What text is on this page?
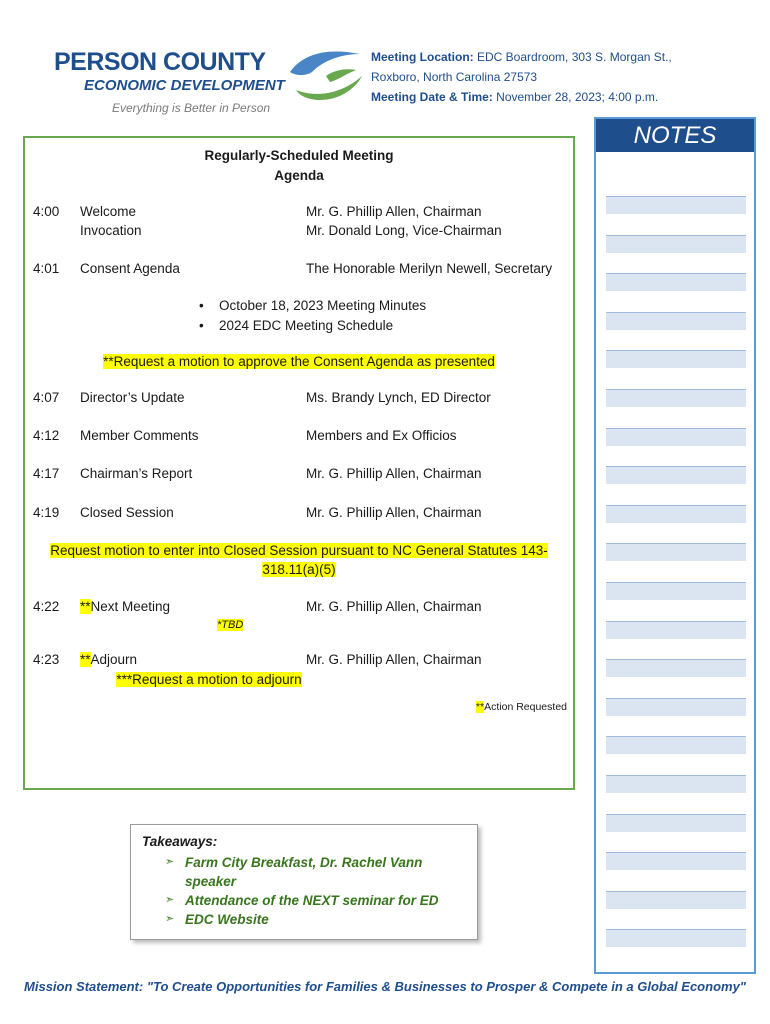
PERSON COUNTY
ECONOMIC DEVELOPMENT
Everything is Better in Person
Meeting Location: EDC Boardroom, 303 S. Morgan St.,
Roxboro, North Carolina 27573
Meeting Date & Time: November 28, 2023; 4:00 p.m.
Regularly-Scheduled Meeting
Agenda
4:00	Welcome	Mr. G. Phillip Allen, Chairman
Invocation	Mr. Donald Long, Vice-Chairman
4:01	Consent Agenda	The Honorable Merilyn Newell, Secretary
• October 18, 2023 Meeting Minutes
• 2024 EDC Meeting Schedule
**Request a motion to approve the Consent Agenda as presented
4:07	Director’s Update	Ms. Brandy Lynch, ED Director
4:12	Member Comments	Members and Ex Officios
4:17	Chairman’s Report	Mr. G. Phillip Allen, Chairman
4:19	Closed Session	Mr. G. Phillip Allen, Chairman
Request motion to enter into Closed Session pursuant to NC General Statutes 143-
318.11(a)(5)
4:22	**Next Meeting	Mr. G. Phillip Allen, Chairman
*TBD
4:23	**Adjourn	Mr. G. Phillip Allen, Chairman
***Request a motion to adjourn
**Action Requested
NOTES
Takeaways:
➣ Farm City Breakfast, Dr. Rachel Vann speaker
➣ Attendance of the NEXT seminar for ED
➣ EDC Website
Mission Statement: "To Create Opportunities for Families & Businesses to Prosper & Compete in a Global Economy"
